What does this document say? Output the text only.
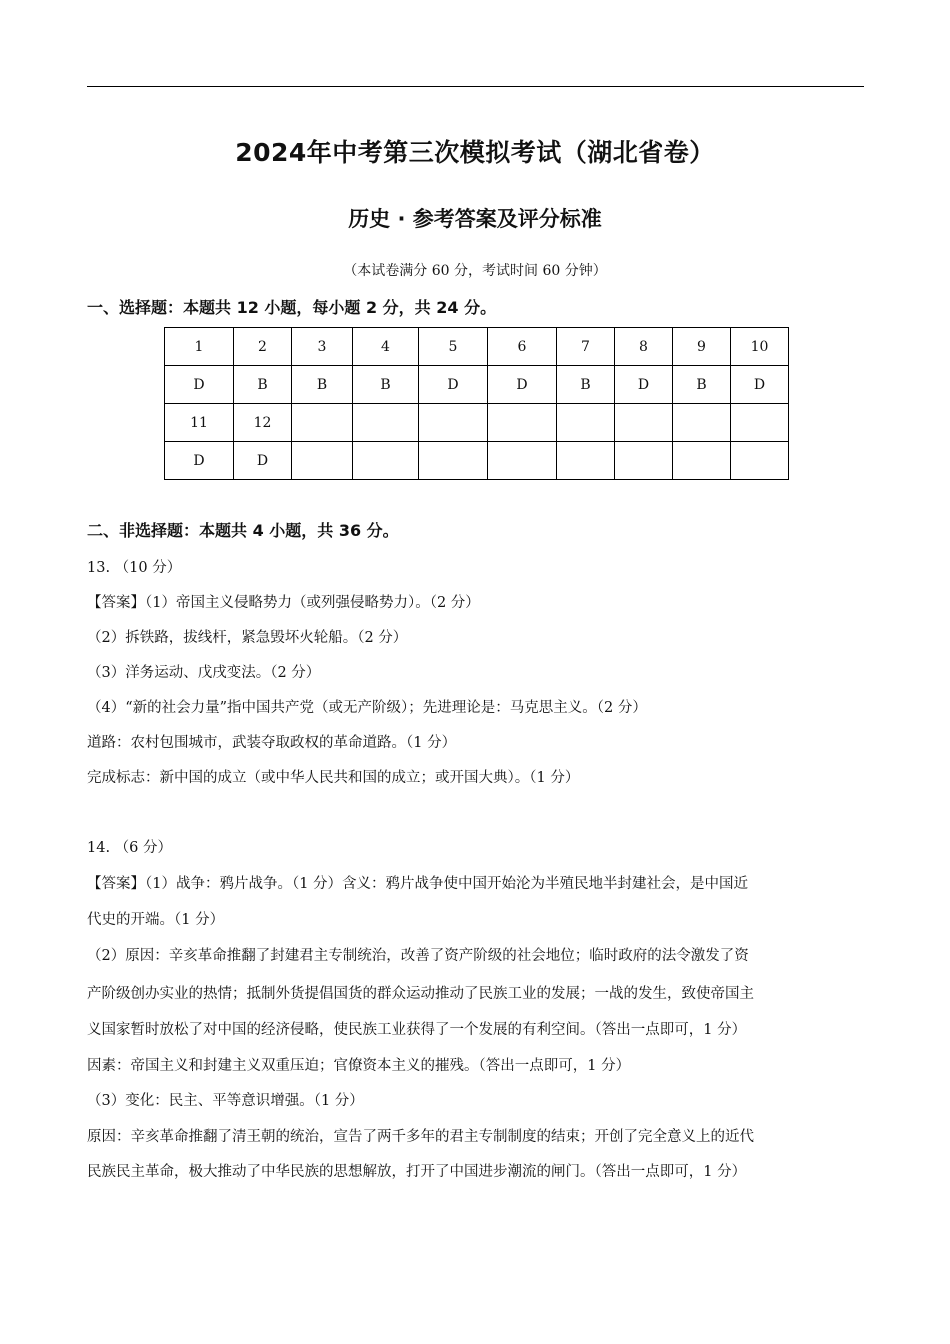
2024年中考第三次模拟考试（湖北省卷）
历史 · 参考答案及评分标准
（本试卷满分 60 分，考试时间 60 分钟）
一、选择题：本题共 12 小题，每小题 2 分，共 24 分。
1	2	3	4	5	6	7	8	9	10
D	B	B	B	D	D	B	D	B	D
11	12								
D	D								
二、非选择题：本题共 4 小题，共 36 分。
13. （10 分）
【答案】（1）帝国主义侵略势力（或列强侵略势力）。（2 分）
（2）拆铁路，拔线杆，紧急毁坏火轮船。（2 分）
（3）洋务运动、戊戌变法。（2 分）
（4）“新的社会力量”指中国共产党（或无产阶级）；先进理论是：马克思主义。（2 分）
道路：农村包围城市，武装夺取政权的革命道路。（1 分）
完成标志：新中国的成立（或中华人民共和国的成立；或开国大典）。（1 分）
14. （6 分）
【答案】（1）战争：鸦片战争。（1 分）含义：鸦片战争使中国开始沦为半殖民地半封建社会，是中国近
代史的开端。（1 分）
（2）原因：辛亥革命推翻了封建君主专制统治，改善了资产阶级的社会地位；临时政府的法令激发了资
产阶级创办实业的热情；抵制外货提倡国货的群众运动推动了民族工业的发展；一战的发生，致使帝国主
义国家暂时放松了对中国的经济侵略，使民族工业获得了一个发展的有利空间。（答出一点即可，1 分）
因素：帝国主义和封建主义双重压迫；官僚资本主义的摧残。（答出一点即可，1 分）
（3）变化：民主、平等意识增强。（1 分）
原因：辛亥革命推翻了清王朝的统治，宣告了两千多年的君主专制制度的结束；开创了完全意义上的近代
民族民主革命，极大推动了中华民族的思想解放，打开了中国进步潮流的闸门。（答出一点即可，1 分）
